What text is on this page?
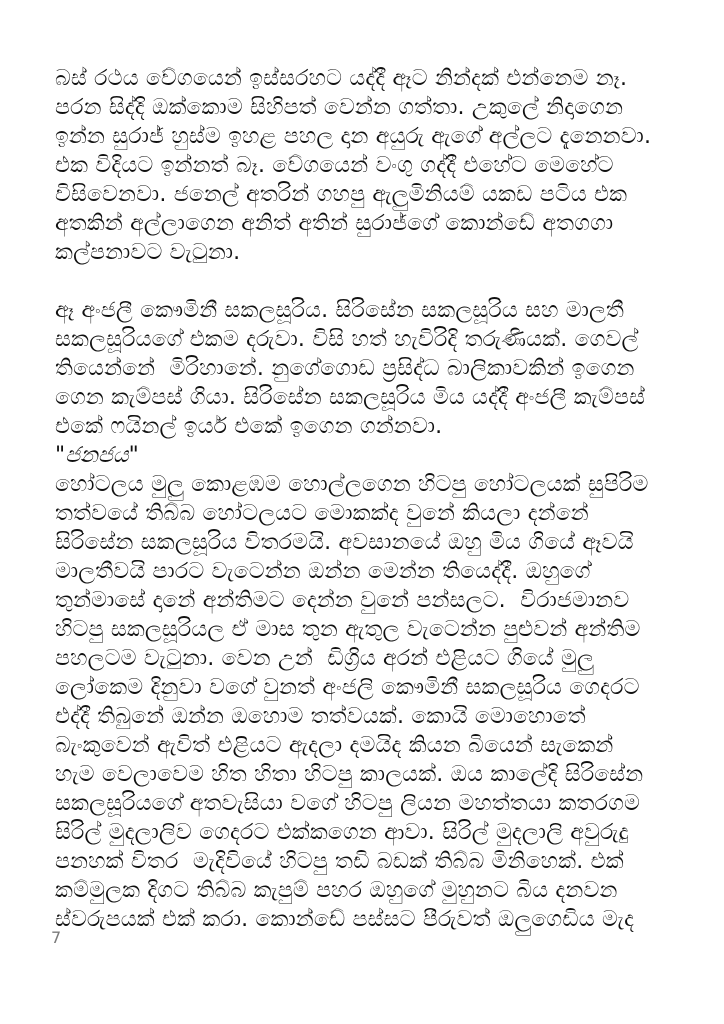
බස් රථය වේගයෙන් ඉස්සරහට යද්දී ඈට නින්දක් එන්නෙම නෑ.
පරන සිද්දි ඔක්කොම සිහිපත් වෙන්න ගත්තා. උකුලේ නිදාගෙන
ඉන්න සුරාජ් හුස්ම ඉහළ පහල දාන අයුරු ඇගේ අල්ලට දැනෙනවා.
එක විදියට ඉන්නත් බෑ. වේගයෙන් වංගු ගද්දී එහේට මෙහේට
විසිවෙනවා. ජනෙල් අතරින් ගහපු ඇලුමිනියම් යකඩ පටිය එක
අතකින් අල්ලාගෙන අනිත් අතින් සුරාජ්ගේ කොන්ඩේ අතගගා
කල්පනාවට වැටුනා.

ඈ අංජලී කෞමිනී සකලසූරිය. සිරිසේන සකලසූරිය සහ මාලතී
සකලසූරියගේ එකම දරුවා. විසි හත් හැවිරිදි තරුණියක්. ගෙවල්
තියෙන්නේ  මිරිහානේ. නුගේගොඩ ප්‍රසිද්ධ බාලිකාවකින් ඉගෙන
ගෙන කැම්පස් ගියා. සිරිසේන සකලසූරිය මිය යද්දී අංජලී කැම්පස්
එකේ ෆයිනල් ඉයර් එකේ ඉගෙන ගන්නවා.

"ජනජය"

හෝටලය මුලු කොළඹම හොල්ලගෙන හිටපු හෝටලයක් සුපිරිම
තත්වයේ තිබ්බ හෝටලයට මොකක්ද වුනේ කියලා දන්නේ
සිරිසේන සකලසූරිය විතරමයි. අවසානයේ ඔහු මිය ගියේ ඈවයි
මාලතීවයි පාරට වැටෙන්න ඔන්න මෙන්න තියෙද්දී. ඔහුගේ
තුන්මාසේ දානේ අන්තිමට දෙන්න වුනේ පන්සලට.  විරාජමානව
හිටපු සකලසූරියල ඒ මාස තුන ඇතුල වැටෙන්න පුළුවන් අන්තිම
පහලටම වැටුනා. වෙන උන්  ඩිග්‍රිය අරන් එළියට ගියේ මුලු
ලෝකෙම දිනුවා වගේ වුනත් අංජලි කෞමිනී සකලසූරිය ගෙදරට
එද්දී තිබුනේ ඔන්න ඔහොම තත්වයක්. කොයි මොහොතේ
බැංකුවෙන් ඇවිත් එළියට ඇදලා දමයිද කියන බියෙන් සැකෙන්
හැම වෙලාවෙම හිත හිතා හිටපු කාලයක්. ඔය කාලේදි සිරිසේන
සකලසූරියගේ අතවැසියා වගේ හිටපු ලියන මහත්තයා කතරගම
සිරිල් මුදලාලිව ගෙදරට එක්කගෙන ආවා. සිරිල් මුදලාලි අවුරුදු
පනහක් විතර  මැදිවියේ හිටපු තඩි බඩක් තිබ්බ මිනිහෙක්. එක්
කම්මුලක දිගට තිබ්බ කැපුම් පහර ඔහුගේ මුහුනට බිය දනවන
ස්වරුපයක් එක් කරා. කොන්ඩේ පස්සට පීරුවත් ඔලුගෙඩිය මැද

7
